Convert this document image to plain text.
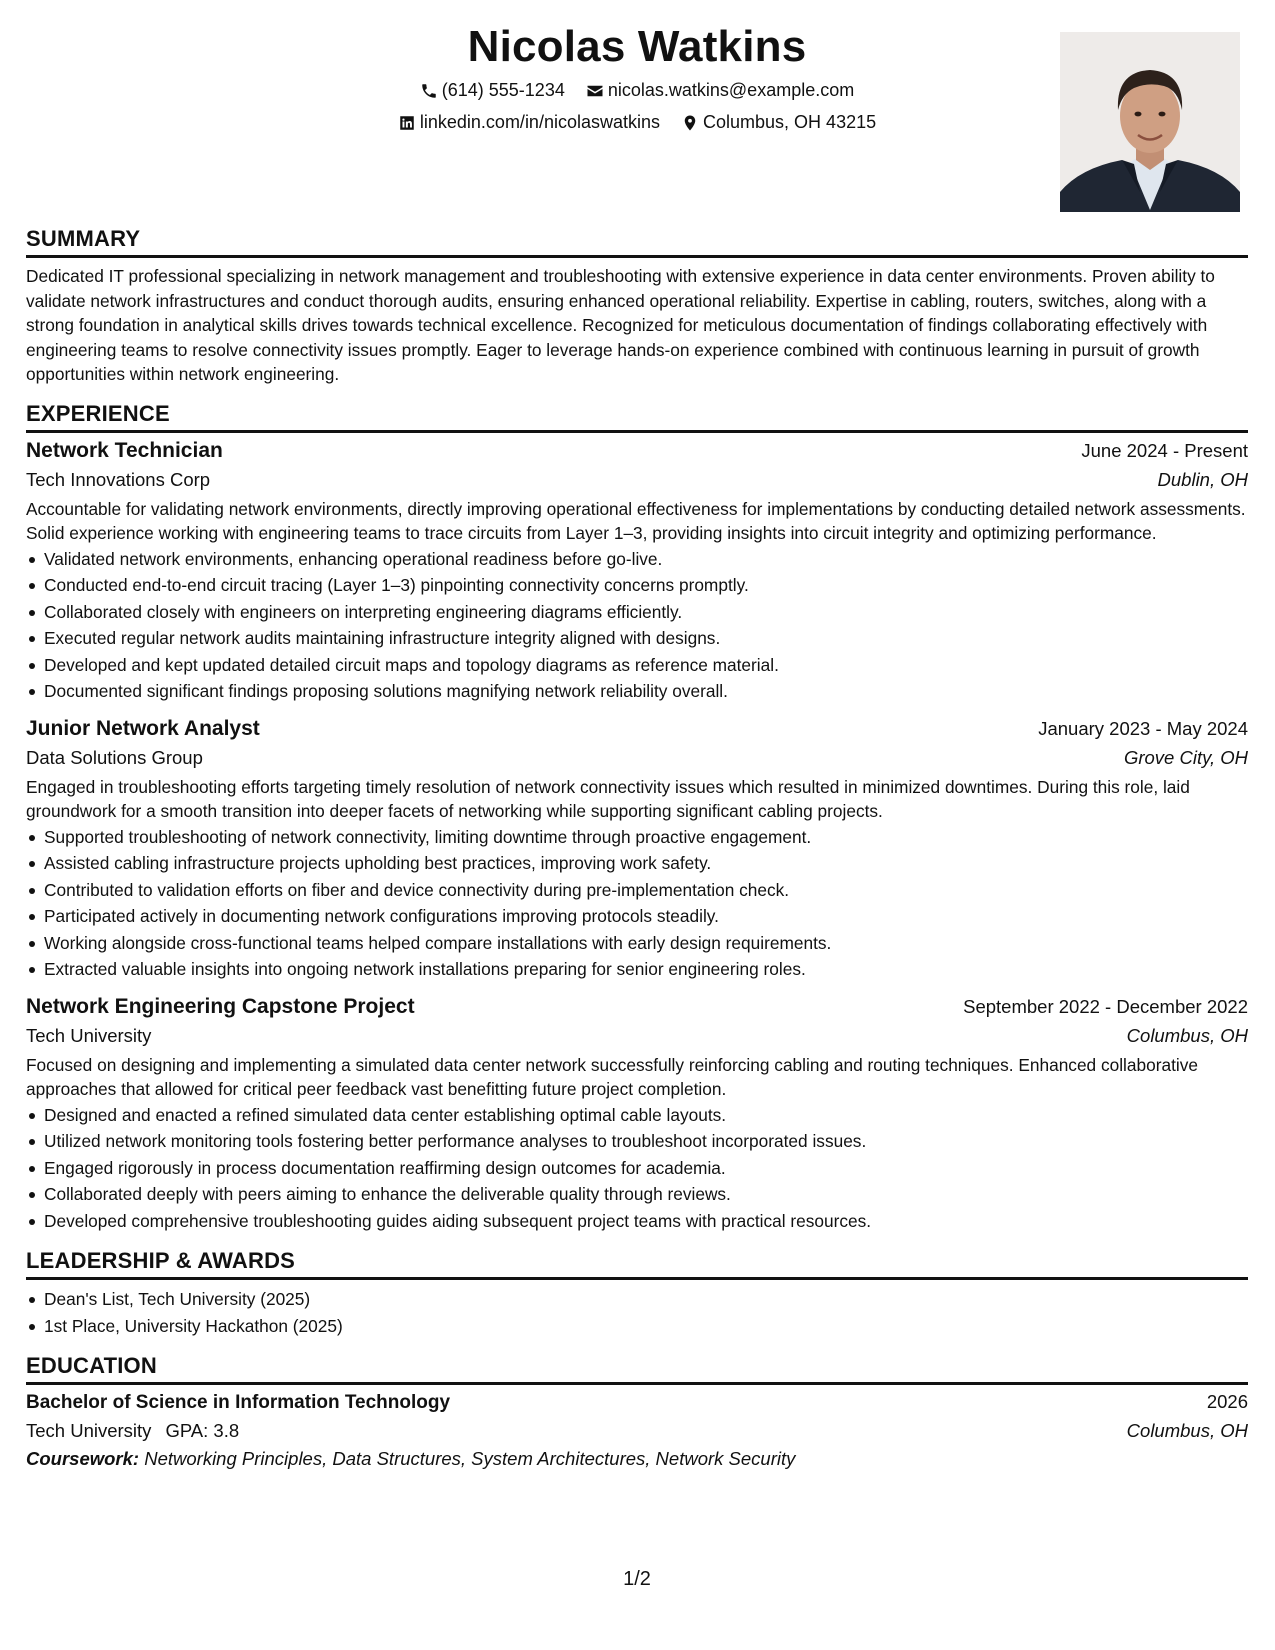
Nicolas Watkins
(614) 555-1234
nicolas.watkins@example.com
linkedin.com/in/nicolaswatkins
Columbus, OH 43215
SUMMARY
Dedicated IT professional specializing in network management and troubleshooting with extensive experience in data center environments. Proven ability to validate network infrastructures and conduct thorough audits, ensuring enhanced operational reliability. Expertise in cabling, routers, switches, along with a strong foundation in analytical skills drives towards technical excellence. Recognized for meticulous documentation of findings collaborating effectively with engineering teams to resolve connectivity issues promptly. Eager to leverage hands-on experience combined with continuous learning in pursuit of growth opportunities within network engineering.
EXPERIENCE
Network Technician	June 2024 - Present
Tech Innovations Corp	Dublin, OH
Accountable for validating network environments, directly improving operational effectiveness for implementations by conducting detailed network assessments. Solid experience working with engineering teams to trace circuits from Layer 1–3, providing insights into circuit integrity and optimizing performance.
Validated network environments, enhancing operational readiness before go-live.
Conducted end-to-end circuit tracing (Layer 1–3) pinpointing connectivity concerns promptly.
Collaborated closely with engineers on interpreting engineering diagrams efficiently.
Executed regular network audits maintaining infrastructure integrity aligned with designs.
Developed and kept updated detailed circuit maps and topology diagrams as reference material.
Documented significant findings proposing solutions magnifying network reliability overall.
Junior Network Analyst	January 2023 - May 2024
Data Solutions Group	Grove City, OH
Engaged in troubleshooting efforts targeting timely resolution of network connectivity issues which resulted in minimized downtimes. During this role, laid groundwork for a smooth transition into deeper facets of networking while supporting significant cabling projects.
Supported troubleshooting of network connectivity, limiting downtime through proactive engagement.
Assisted cabling infrastructure projects upholding best practices, improving work safety.
Contributed to validation efforts on fiber and device connectivity during pre-implementation check.
Participated actively in documenting network configurations improving protocols steadily.
Working alongside cross-functional teams helped compare installations with early design requirements.
Extracted valuable insights into ongoing network installations preparing for senior engineering roles.
Network Engineering Capstone Project	September 2022 - December 2022
Tech University	Columbus, OH
Focused on designing and implementing a simulated data center network successfully reinforcing cabling and routing techniques. Enhanced collaborative approaches that allowed for critical peer feedback vast benefitting future project completion.
Designed and enacted a refined simulated data center establishing optimal cable layouts.
Utilized network monitoring tools fostering better performance analyses to troubleshoot incorporated issues.
Engaged rigorously in process documentation reaffirming design outcomes for academia.
Collaborated deeply with peers aiming to enhance the deliverable quality through reviews.
Developed comprehensive troubleshooting guides aiding subsequent project teams with practical resources.
LEADERSHIP & AWARDS
Dean's List, Tech University (2025)
1st Place, University Hackathon (2025)
EDUCATION
Bachelor of Science in Information Technology	2026
Tech University GPA: 3.8	Columbus, OH
Coursework: Networking Principles, Data Structures, System Architectures, Network Security
1/2
